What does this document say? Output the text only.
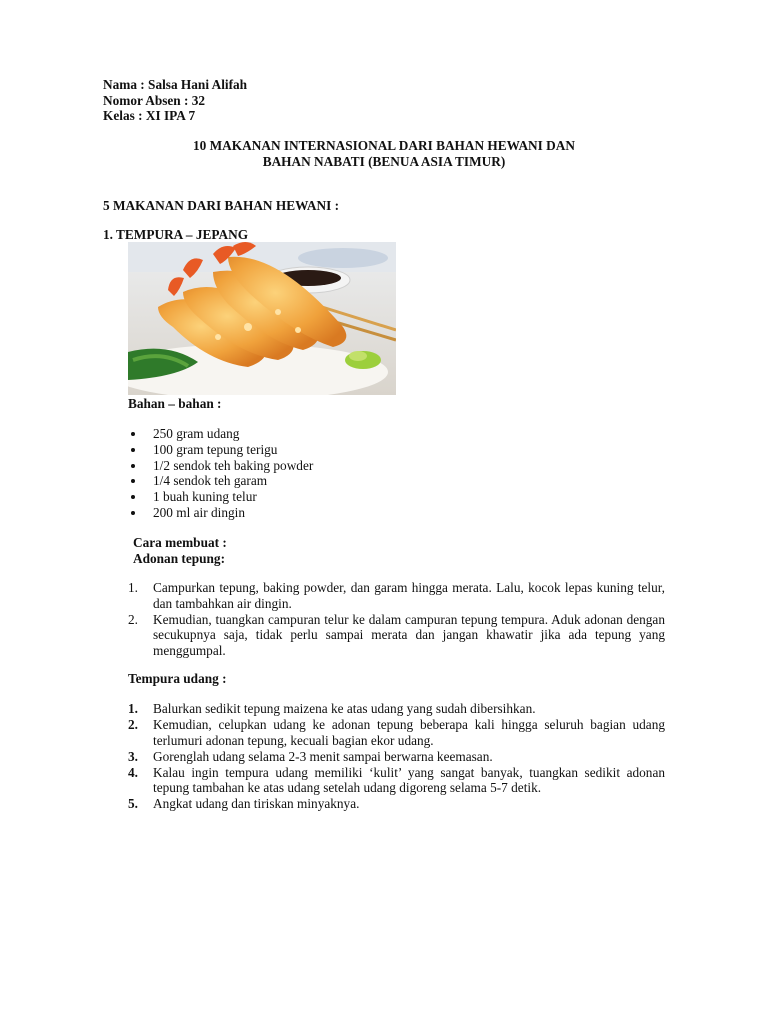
Nama : Salsa Hani Alifah
Nomor Absen : 32
Kelas : XI IPA 7
10 MAKANAN INTERNASIONAL DARI BAHAN HEWANI DAN
BAHAN NABATI (BENUA ASIA TIMUR)
5 MAKANAN DARI BAHAN HEWANI :
1. TEMPURA – JEPANG
Bahan – bahan :
250 gram udang
100 gram tepung terigu
1/2 sendok teh baking powder
1/4 sendok teh garam
1 buah kuning telur
200 ml air dingin
Cara membuat :
Adonan tepung:
1. Campurkan tepung, baking powder, dan garam hingga merata. Lalu, kocok lepas kuning telur, dan tambahkan air dingin.
2. Kemudian, tuangkan campuran telur ke dalam campuran tepung tempura. Aduk adonan dengan secukupnya saja, tidak perlu sampai merata dan jangan khawatir jika ada tepung yang menggumpal.
Tempura udang :
1. Balurkan sedikit tepung maizena ke atas udang yang sudah dibersihkan.
2. Kemudian, celupkan udang ke adonan tepung beberapa kali hingga seluruh bagian udang terlumuri adonan tepung, kecuali bagian ekor udang.
3. Gorenglah udang selama 2-3 menit sampai berwarna keemasan.
4. Kalau ingin tempura udang memiliki ‘kulit’ yang sangat banyak, tuangkan sedikit adonan tepung tambahan ke atas udang setelah udang digoreng selama 5-7 detik.
5. Angkat udang dan tiriskan minyaknya.
